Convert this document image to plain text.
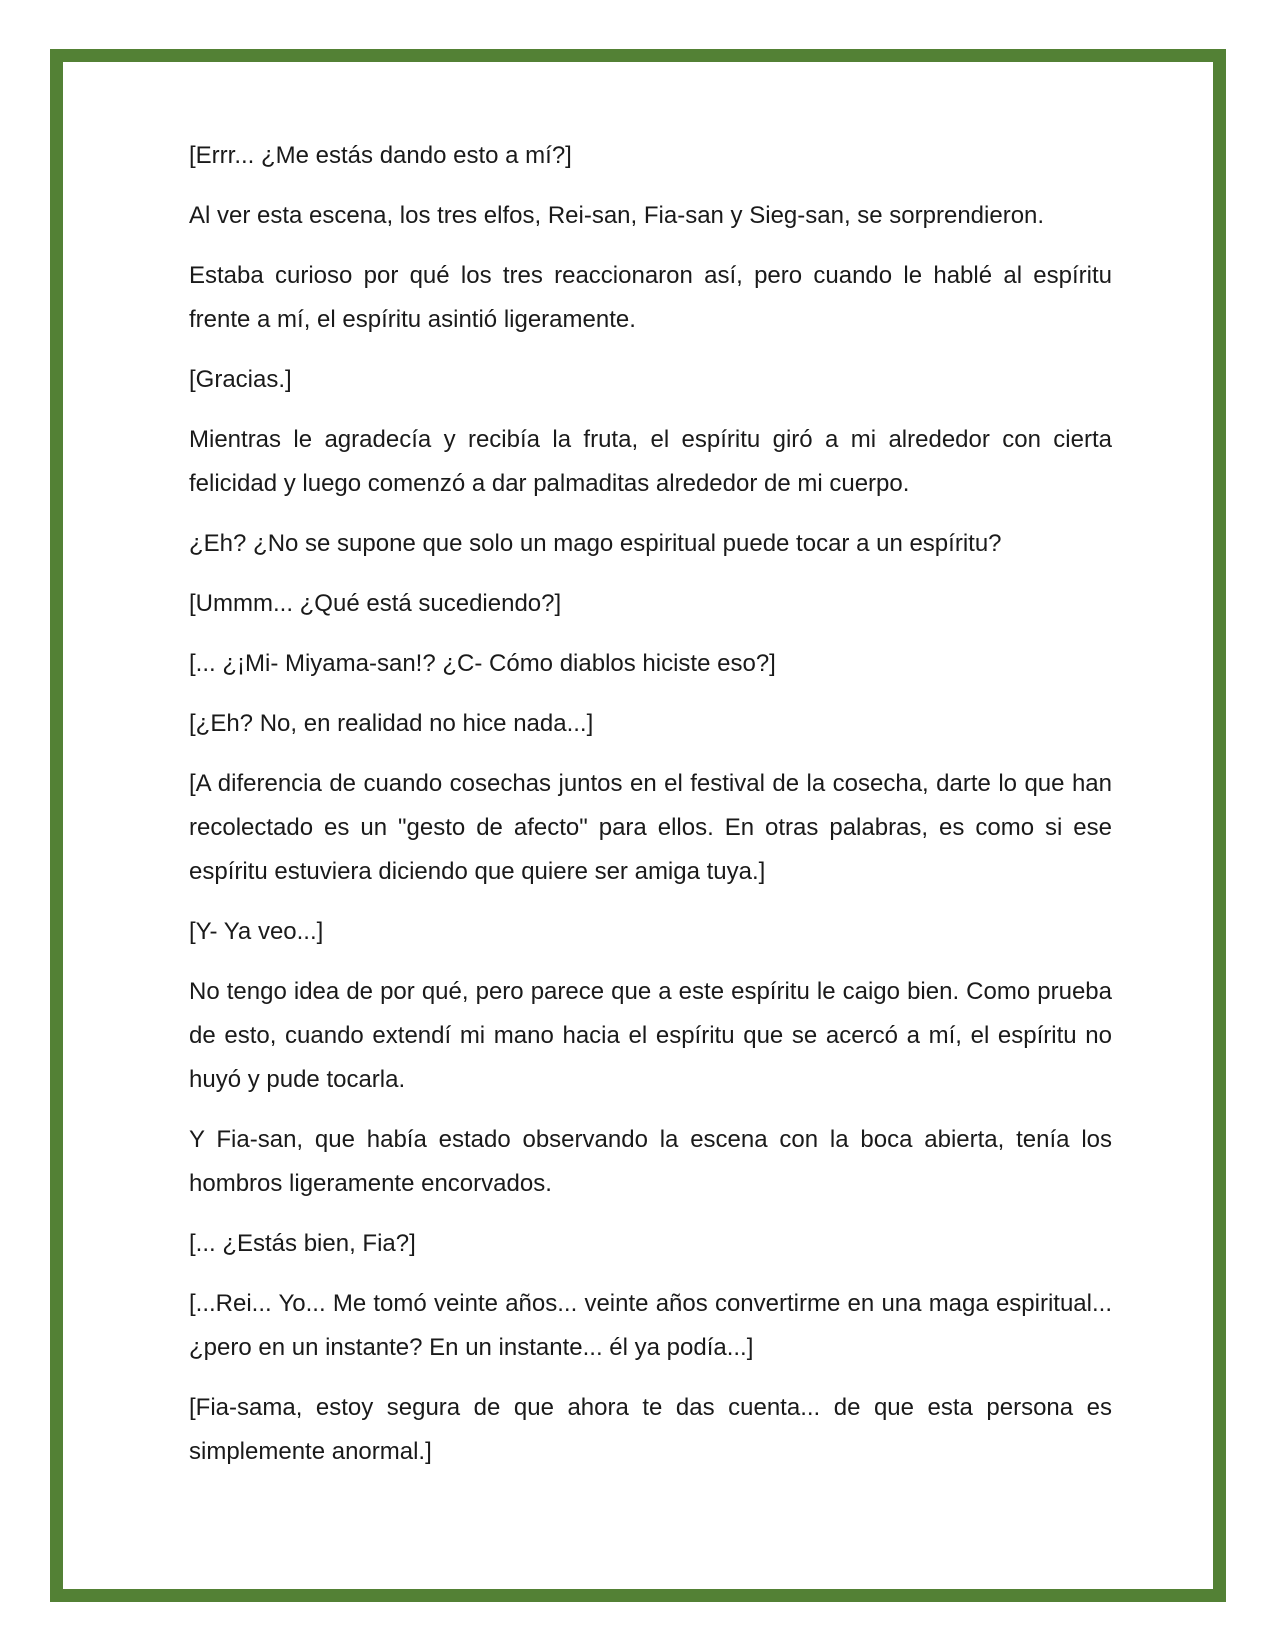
[Errr... ¿Me estás dando esto a mí?]

Al ver esta escena, los tres elfos, Rei-san, Fia-san y Sieg-san, se sorprendieron.

Estaba curioso por qué los tres reaccionaron así, pero cuando le hablé al espíritu frente a mí, el espíritu asintió ligeramente.

[Gracias.]

Mientras le agradecía y recibía la fruta, el espíritu giró a mi alrededor con cierta felicidad y luego comenzó a dar palmaditas alrededor de mi cuerpo.

¿Eh? ¿No se supone que solo un mago espiritual puede tocar a un espíritu?

[Ummm... ¿Qué está sucediendo?]

[... ¿¡Mi- Miyama-san!? ¿C- Cómo diablos hiciste eso?]

[¿Eh? No, en realidad no hice nada...]

[A diferencia de cuando cosechas juntos en el festival de la cosecha, darte lo que han recolectado es un "gesto de afecto" para ellos. En otras palabras, es como si ese espíritu estuviera diciendo que quiere ser amiga tuya.]

[Y- Ya veo...]

No tengo idea de por qué, pero parece que a este espíritu le caigo bien. Como prueba de esto, cuando extendí mi mano hacia el espíritu que se acercó a mí, el espíritu no huyó y pude tocarla.

Y Fia-san, que había estado observando la escena con la boca abierta, tenía los hombros ligeramente encorvados.

[... ¿Estás bien, Fia?]

[...Rei... Yo... Me tomó veinte años... veinte años convertirme en una maga espiritual... ¿pero en un instante? En un instante... él ya podía...]

[Fia-sama, estoy segura de que ahora te das cuenta... de que esta persona es simplemente anormal.]
